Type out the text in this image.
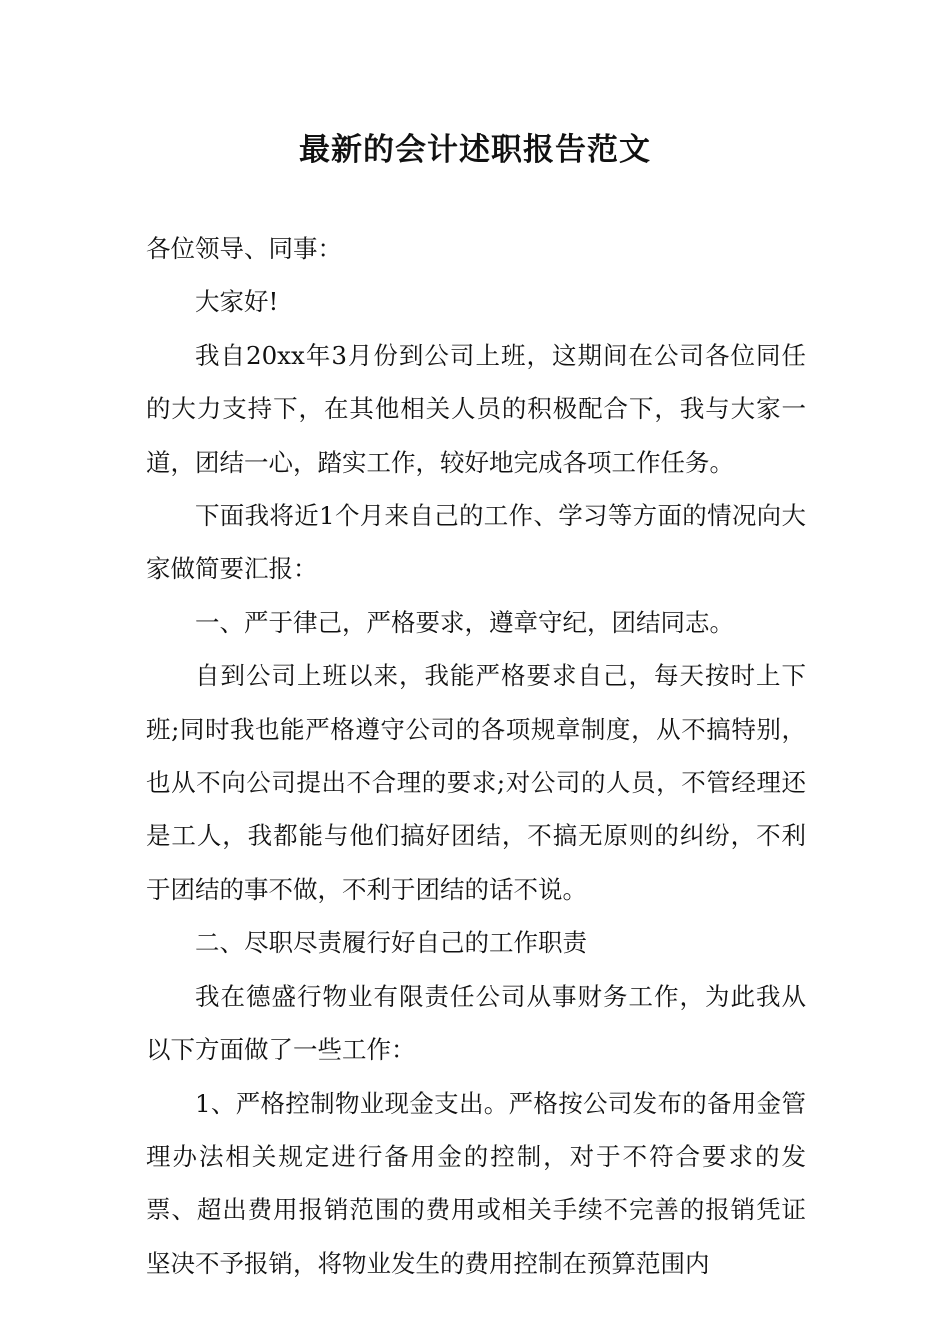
最新的会计述职报告范文

各位领导、同事：

大家好!

我自20xx年3月份到公司上班，这期间在公司各位同任的大力支持下，在其他相关人员的积极配合下，我与大家一道，团结一心，踏实工作，较好地完成各项工作任务。

下面我将近1个月来自己的工作、学习等方面的情况向大家做简要汇报：

一、严于律己，严格要求，遵章守纪，团结同志。

自到公司上班以来，我能严格要求自己，每天按时上下班;同时我也能严格遵守公司的各项规章制度，从不搞特别，也从不向公司提出不合理的要求;对公司的人员，不管经理还是工人，我都能与他们搞好团结，不搞无原则的纠纷，不利于团结的事不做，不利于团结的话不说。

二、尽职尽责履行好自己的工作职责

我在德盛行物业有限责任公司从事财务工作，为此我从以下方面做了一些工作：

1、严格控制物业现金支出。严格按公司发布的备用金管理办法相关规定进行备用金的控制，对于不符合要求的发票、超出费用报销范围的费用或相关手续不完善的报销凭证坚决不予报销，将物业发生的费用控制在预算范围内
